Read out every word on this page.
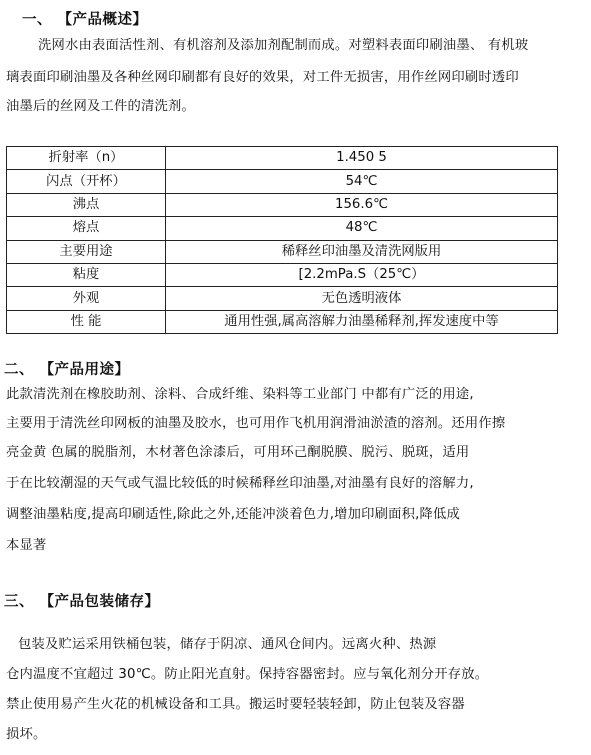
一、 【产品概述】
洗网水由表面活性剂、有机溶剂及添加剂配制而成。对塑料表面印刷油墨、 有机玻
璃表面印刷油墨及各种丝网印刷都有良好的效果，对工件无损害，用作丝网印刷时透印
油墨后的丝网及工件的清洗剂。
折射率（n）	1.450 5
闪点（开杯）	54℃
沸点	156.6℃
熔点	48℃
主要用途	稀释丝印油墨及清洗网版用
粘度	[2.2mPa.S（25℃）
外观	无色透明液体
性 能	通用性强,属高溶解力油墨稀释剂,挥发速度中等
二、 【产品用途】
此款清洗剂在橡胶助剂、涂料、合成纤维、染料等工业部门 中都有广泛的用途,
主要用于清洗丝印网板的油墨及胶水，也可用作飞机用润滑油淤渣的溶剂。还用作擦
亮金黄 色属的脱脂剂，木材著色涂漆后，可用环己酮脱膜、脱污、脱斑，适用
于在比较潮湿的天气或气温比较低的时候稀释丝印油墨,对油墨有良好的溶解力,
调整油墨粘度,提高印刷适性,除此之外,还能冲淡着色力,增加印刷面积,降低成
本显著
三、 【产品包装储存】
包装及贮运采用铁桶包装，储存于阴凉、通风仓间内。远离火种、热源
仓内温度不宜超过 30℃。防止阳光直射。保持容器密封。应与氧化剂分开存放。
禁止使用易产生火花的机械设备和工具。搬运时要轻装轻卸，防止包装及容器
损坏。
